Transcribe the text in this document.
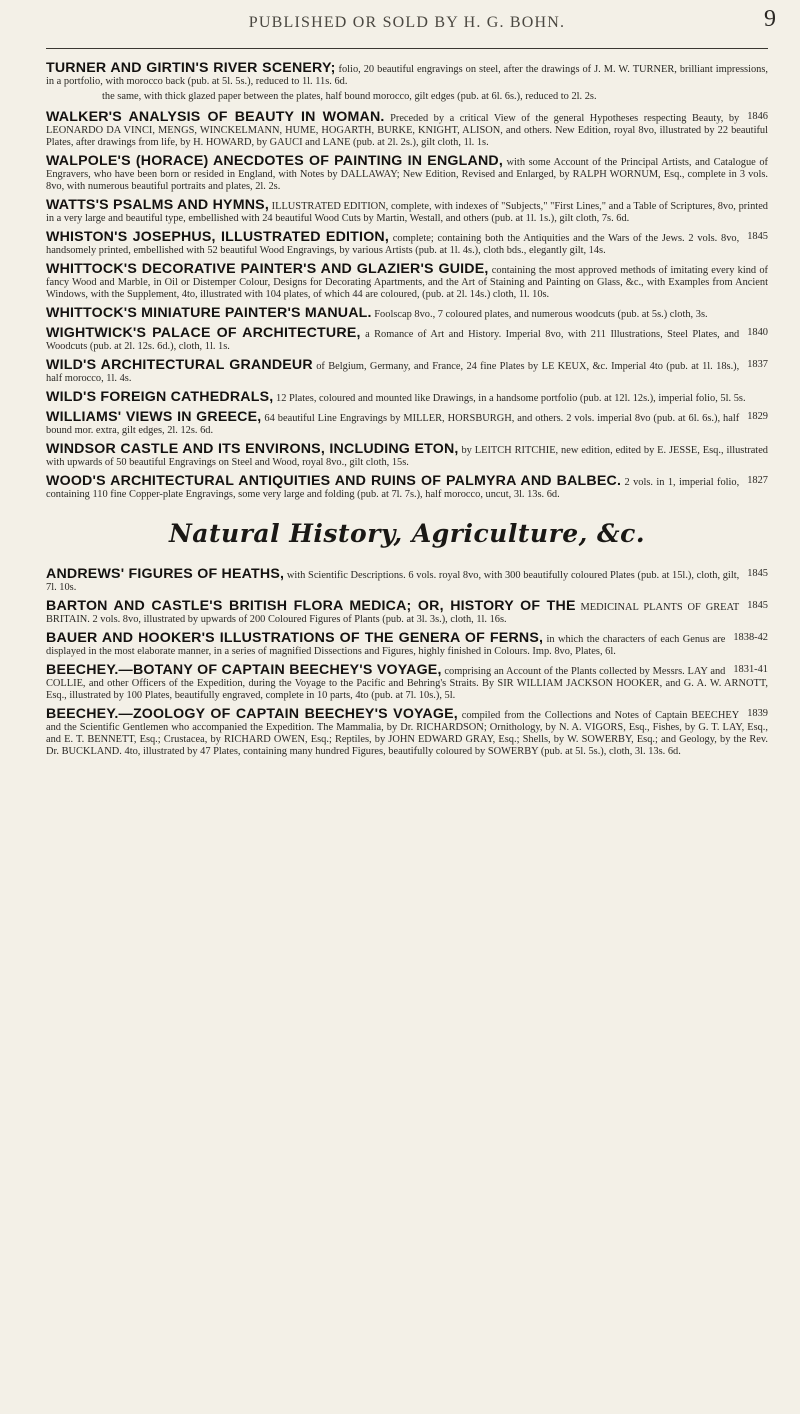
PUBLISHED OR SOLD BY H. G. BOHN.	9
TURNER AND GIRTIN'S RIVER SCENERY; folio, 20 beautiful engravings on steel, after the drawings of J. M. W. TURNER, brilliant impressions, in a portfolio, with morocco back (pub. at 5l. 5s.), reduced to 1l. 11s. 6d.
the same, with thick glazed paper between the plates, half bound morocco, gilt edges (pub. at 6l. 6s.), reduced to 2l. 2s.
1846
WALKER'S ANALYSIS OF BEAUTY IN WOMAN. Preceded by a critical View of the general Hypotheses respecting Beauty, by LEONARDO DA VINCI, MENGS, WINCKELMANN, HUME, HOGARTH, BURKE, KNIGHT, ALISON, and others. New Edition, royal 8vo, illustrated by 22 beautiful Plates, after drawings from life, by H. HOWARD, by GAUCI and LANE (pub. at 2l. 2s.), gilt cloth, 1l. 1s.
WALPOLE'S (HORACE) ANECDOTES OF PAINTING IN ENGLAND, with some Account of the Principal Artists, and Catalogue of Engravers, who have been born or resided in England, with Notes by DALLAWAY; New Edition, Revised and Enlarged, by RALPH WORNUM, Esq., complete in 3 vols. 8vo, with numerous beautiful portraits and plates, 2l. 2s.
WATTS'S PSALMS AND HYMNS, ILLUSTRATED EDITION, complete, with indexes of "Subjects," "First Lines," and a Table of Scriptures, 8vo, printed in a very large and beautiful type, embellished with 24 beautiful Wood Cuts by Martin, Westall, and others (pub. at 1l. 1s.), gilt cloth, 7s. 6d.
1845
WHISTON'S JOSEPHUS, ILLUSTRATED EDITION, complete; containing both the Antiquities and the Wars of the Jews. 2 vols. 8vo, handsomely printed, embellished with 52 beautiful Wood Engravings, by various Artists (pub. at 1l. 4s.), cloth bds., elegantly gilt, 14s.
WHITTOCK'S DECORATIVE PAINTER'S AND GLAZIER'S GUIDE, containing the most approved methods of imitating every kind of fancy Wood and Marble, in Oil or Distemper Colour, Designs for Decorating Apartments, and the Art of Staining and Painting on Glass, &c., with Examples from Ancient Windows, with the Supplement, 4to, illustrated with 104 plates, of which 44 are coloured, (pub. at 2l. 14s.) cloth, 1l. 10s.
WHITTOCK'S MINIATURE PAINTER'S MANUAL. Foolscap 8vo., 7 coloured plates, and numerous woodcuts (pub. at 5s.) cloth, 3s.
1840
WIGHTWICK'S PALACE OF ARCHITECTURE, a Romance of Art and History. Imperial 8vo, with 211 Illustrations, Steel Plates, and Woodcuts (pub. at 2l. 12s. 6d.), cloth, 1l. 1s.
1837
WILD'S ARCHITECTURAL GRANDEUR of Belgium, Germany, and France, 24 fine Plates by LE KEUX, &c. Imperial 4to (pub. at 1l. 18s.), half morocco, 1l. 4s.
WILD'S FOREIGN CATHEDRALS, 12 Plates, coloured and mounted like Drawings, in a handsome portfolio (pub. at 12l. 12s.), imperial folio, 5l. 5s.
1829
WILLIAMS' VIEWS IN GREECE, 64 beautiful Line Engravings by MILLER, HORSBURGH, and others. 2 vols. imperial 8vo (pub. at 6l. 6s.), half bound mor. extra, gilt edges, 2l. 12s. 6d.
WINDSOR CASTLE AND ITS ENVIRONS, INCLUDING ETON, by LEITCH RITCHIE, new edition, edited by E. JESSE, Esq., illustrated with upwards of 50 beautiful Engravings on Steel and Wood, royal 8vo., gilt cloth, 15s.
1827
WOOD'S ARCHITECTURAL ANTIQUITIES AND RUINS OF PALMYRA AND BALBEC. 2 vols. in 1, imperial folio, containing 110 fine Copper-plate Engravings, some very large and folding (pub. at 7l. 7s.), half morocco, uncut, 3l. 13s. 6d.
Natural History, Agriculture, &c.
1845
ANDREWS' FIGURES OF HEATHS, with Scientific Descriptions. 6 vols. royal 8vo, with 300 beautifully coloured Plates (pub. at 15l.), cloth, gilt, 7l. 10s.
1845
BARTON AND CASTLE'S BRITISH FLORA MEDICA; OR, HISTORY OF THE MEDICINAL PLANTS OF GREAT BRITAIN. 2 vols. 8vo, illustrated by upwards of 200 Coloured Figures of Plants (pub. at 3l. 3s.), cloth, 1l. 16s.
1838-42
BAUER AND HOOKER'S ILLUSTRATIONS OF THE GENERA OF FERNS, in which the characters of each Genus are displayed in the most elaborate manner, in a series of magnified Dissections and Figures, highly finished in Colours. Imp. 8vo, Plates, 6l.
1831-41
BEECHEY.—BOTANY OF CAPTAIN BEECHEY'S VOYAGE, comprising an Account of the Plants collected by Messrs. LAY and COLLIE, and other Officers of the Expedition, during the Voyage to the Pacific and Behring's Straits. By SIR WILLIAM JACKSON HOOKER, and G. A. W. ARNOTT, Esq., illustrated by 100 Plates, beautifully engraved, complete in 10 parts, 4to (pub. at 7l. 10s.), 5l.
1839
BEECHEY.—ZOOLOGY OF CAPTAIN BEECHEY'S VOYAGE, compiled from the Collections and Notes of Captain BEECHEY and the Scientific Gentlemen who accompanied the Expedition. The Mammalia, by Dr. RICHARDSON; Ornithology, by N. A. VIGORS, Esq., Fishes, by G. T. LAY, Esq., and E. T. BENNETT, Esq.; Crustacea, by RICHARD OWEN, Esq.; Reptiles, by JOHN EDWARD GRAY, Esq.; Shells, by W. SOWERBY, Esq.; and Geology, by the Rev. Dr. BUCKLAND. 4to, illustrated by 47 Plates, containing many hundred Figures, beautifully coloured by SOWERBY (pub. at 5l. 5s.), cloth, 3l. 13s. 6d.
